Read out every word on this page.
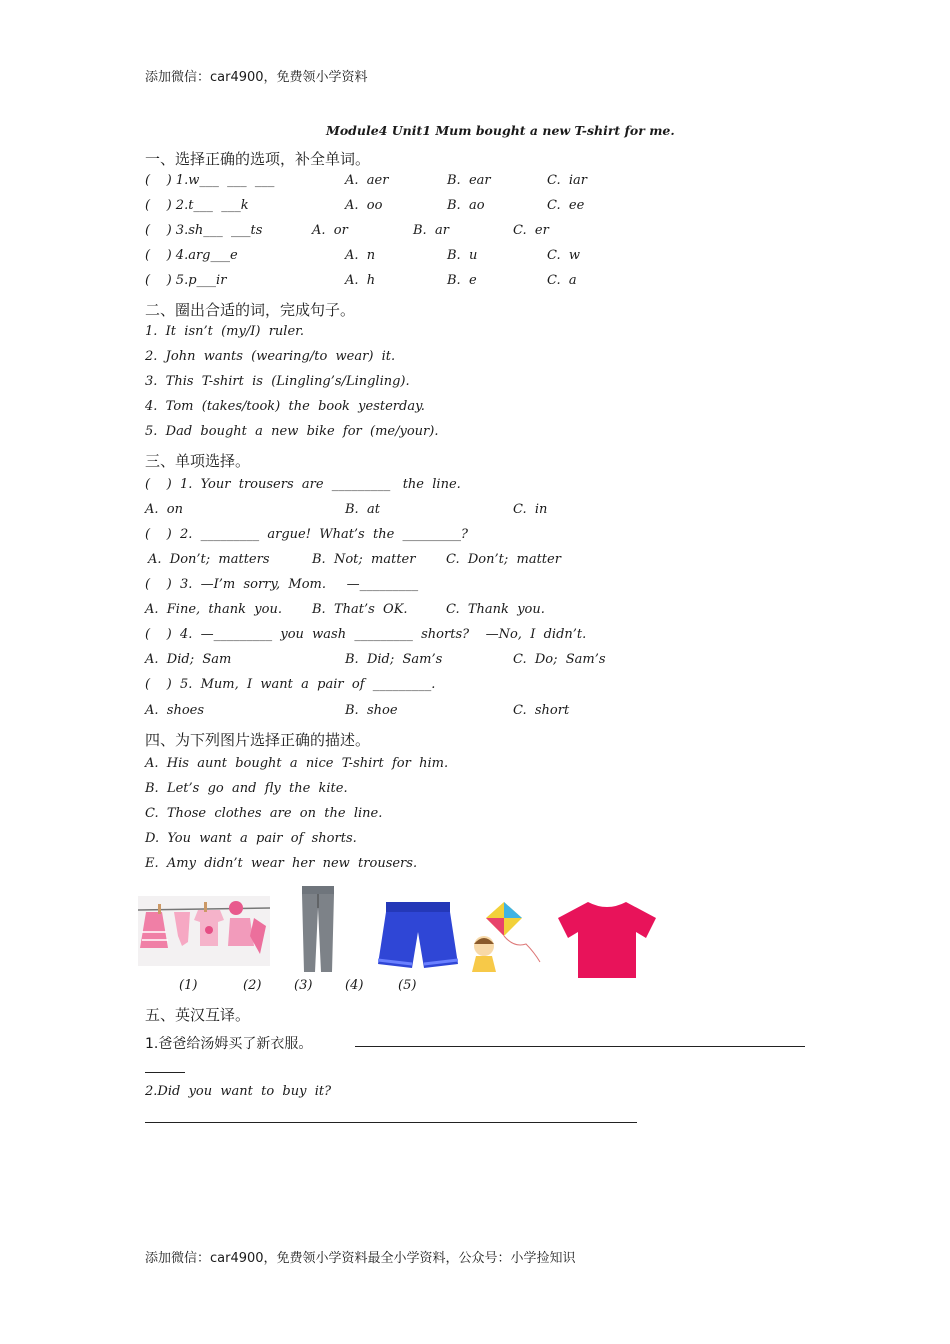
添加微信：car4900，免费领小学资料
Module4 Unit1 Mum bought a new T-shirt for me.
一、选择正确的选项，补全单词。
(    ) 1.w___  ___  ___	A.  aer	B.  ear	C.  iar
(    ) 2.t___  ___k	A.  oo	B.  ao	C.  ee
(    ) 3.sh___  ___ts	A.  or	B.  ar	C.  er
(    ) 4.arg___e	A.  n	B.  u	C.  w
(    ) 5.p___ir	A.  h	B.  e	C.  a
二、圈出合适的词，完成句子。
1.  It  isn’t  (my/I)  ruler.
2.  John  wants  (wearing/to  wear)  it.
3.  This  T-shirt  is  (Lingling’s/Lingling).
4.  Tom  (takes/took)  the  book  yesterday.
5.  Dad  bought  a  new  bike  for  (me/your).
三、单项选择。
(    )  1.  Your  trousers  are  _________   the  line.
A.  on	B.  at	C.  in
(    )  2.  _________  argue!  What’s  the  _________?
A.  Don’t;  matters	B.  Not;  matter C.  Don’t;  matter
(    )  3.  —I’m  sorry,  Mom.     —_________
A.  Fine,  thank  you. B.  That’s  OK.	C.  Thank  you.
(    )  4.  —_________  you  wash  _________  shorts?    —No,  I  didn’t.
A.  Did;  Sam	B.  Did;  Sam’s	C.  Do;  Sam’s
(    )  5.  Mum,  I  want  a  pair  of  _________.
A.  shoes	B.  shoe	C.  short
四、为下列图片选择正确的描述。
A.  His  aunt  bought  a  nice  T-shirt  for  him.
B.  Let’s  go  and  fly  the  kite.
C.  Those  clothes  are  on  the  line.
D.  You  want  a  pair  of  shorts.
E.  Amy  didn’t  wear  her  new  trousers.
(1)	(2)	(3)	(4)	(5)
五、英汉互译。
1.爸爸给汤姆买了新衣服。
2.Did  you  want  to  buy  it?
添加微信：car4900，免费领小学资料最全小学资料，公众号：小学捡知识
